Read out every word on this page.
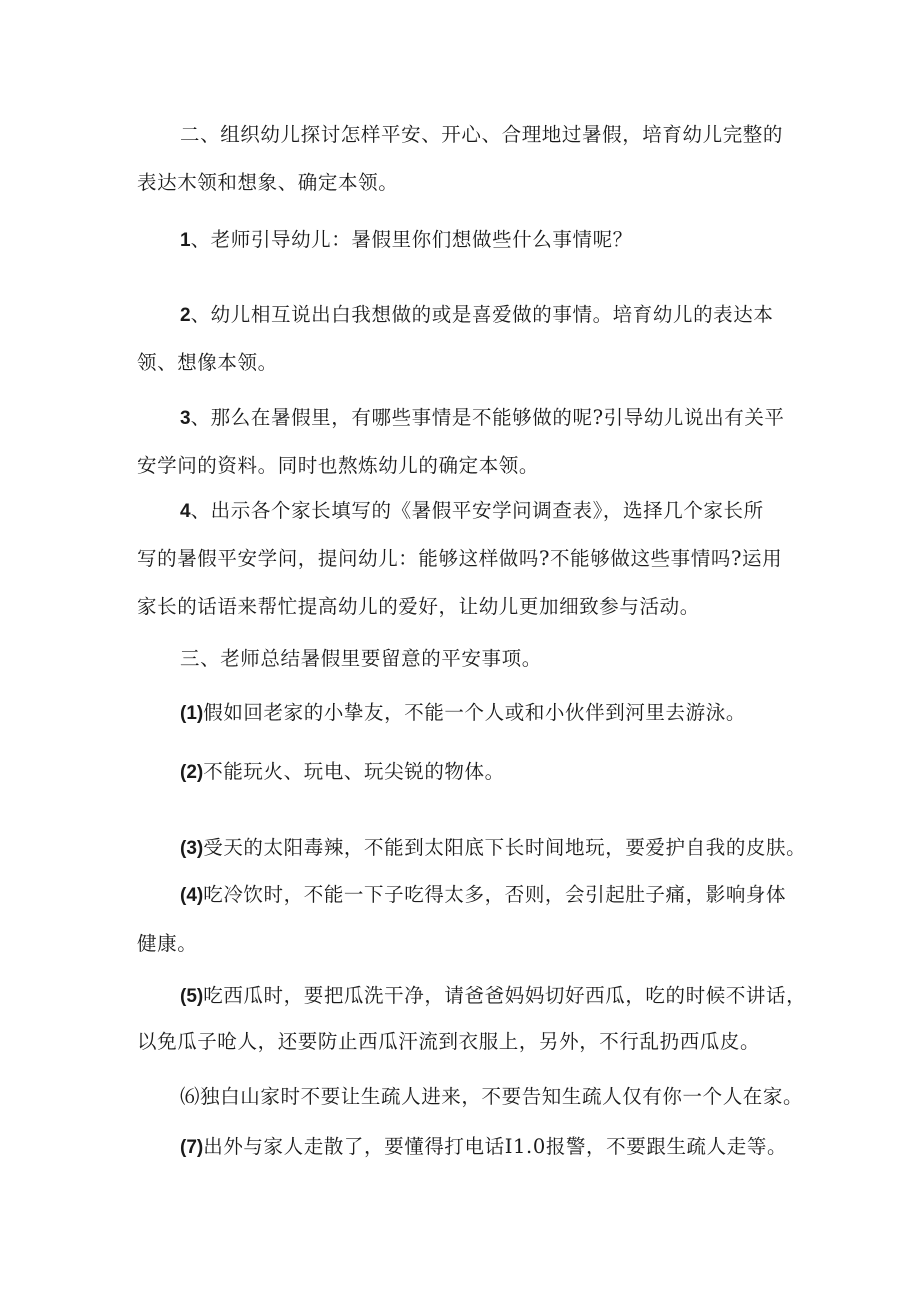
二、组织幼儿探讨怎样平安、开心、合理地过暑假，培育幼儿完整的
表达木领和想象、确定本领。
1、老师引导幼儿：暑假里你们想做些什么事情呢？
2、幼儿相互说出白我想做的或是喜爱做的事情。培育幼儿的表达本
领、想像本领。
3、那么在暑假里，有哪些事情是不能够做的呢?引导幼儿说出有关平
安学问的资料。同时也熬炼幼儿的确定本领。
4、出示各个家长填写的《暑假平安学问调查表》，选择几个家长所
写的暑假平安学问，提问幼儿：能够这样做吗?不能够做这些事情吗?运用
家长的话语来帮忙提高幼儿的爱好，让幼儿更加细致参与活动。
三、老师总结暑假里要留意的平安事项。
(1)假如回老家的小挚友，不能一个人或和小伙伴到河里去游泳。
(2)不能玩火、玩电、玩尖锐的物体。
(3)受天的太阳毒辣，不能到太阳底下长时间地玩，要爱护自我的皮肤。
(4)吃冷饮时，不能一下子吃得太多，否则，会引起肚子痛，影响身体
健康。
(5)吃西瓜时，要把瓜洗干净，请爸爸妈妈切好西瓜，吃的时候不讲话，
以免瓜子呛人，还要防止西瓜汗流到衣服上，另外，不行乱扔西瓜皮。
⑹独白山家时不要让生疏人进来，不要告知生疏人仅有你一个人在家。
(7)出外与家人走散了，要懂得打电话I1.0报警，不要跟生疏人走等。
